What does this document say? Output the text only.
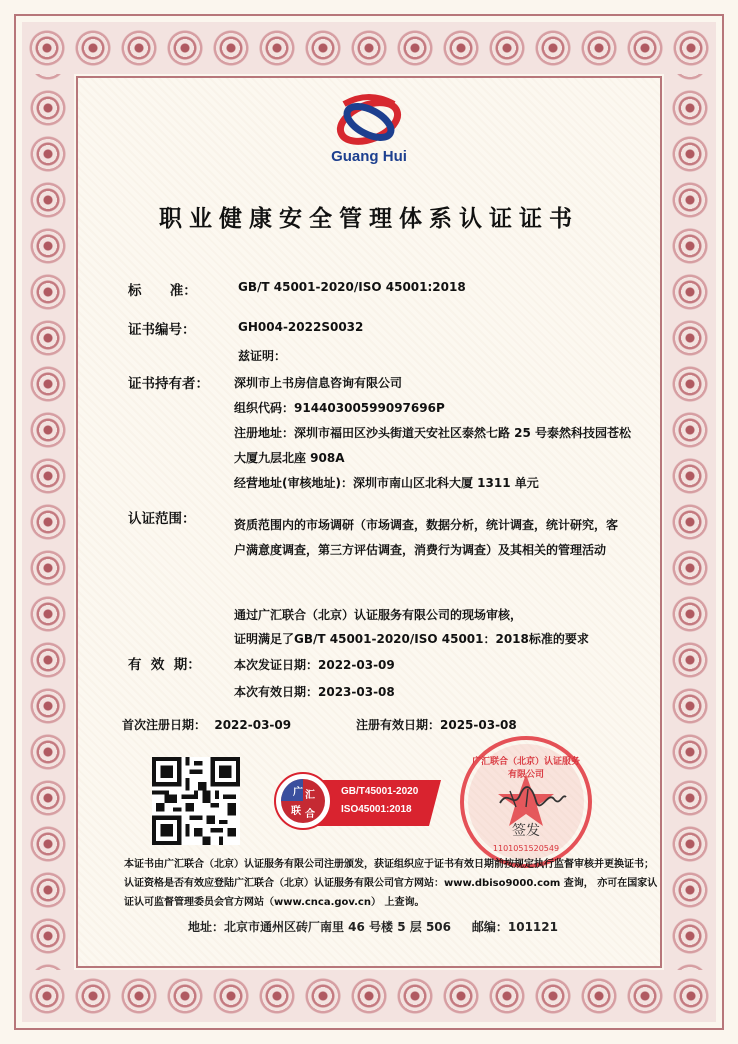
Guang Hui
职业健康安全管理体系认证证书
标      准：	GB/T 45001-2020/ISO 45001:2018
证书编号：	GH004-2022S0032
兹证明：
证书持有者： 深圳市上书房信息咨询有限公司
组织代码：91440300599097696P
注册地址：深圳市福田区沙头街道天安社区泰然七路 25 号泰然科技园苍松
大厦九层北座 908A
经营地址(审核地址)：深圳市南山区北科大厦 1311 单元
认证范围：	资质范围内的市场调研（市场调查，数据分析，统计调查，统计研究，客
户满意度调查，第三方评估调查，消费行为调查）及其相关的管理活动
通过广汇联合（北京）认证服务有限公司的现场审核，
证明满足了GB/T 45001-2020/ISO 45001：2018标准的要求
有  效  期：	本次发证日期：2022-03-09
本次有效日期：2023-03-08
首次注册日期：  2022-03-09	注册有效日期：2025-03-08
广 汇
联 合
GB/T45001-2020
ISO45001:2018
广汇联合（北京）认证服务有限公司
1101051520549
签发
本证书由广汇联合（北京）认证服务有限公司注册颁发，获证组织应于证书有效日期前按规定执行监督审核并更换证书；
认证资格是否有效应登陆广汇联合（北京）认证服务有限公司官方网站：www.dbiso9000.com 查询， 亦可在国家认
证认可监督管理委员会官方网站（www.cnca.gov.cn） 上查询。
地址：北京市通州区砖厂南里 46 号楼 5 层 506     邮编：101121
